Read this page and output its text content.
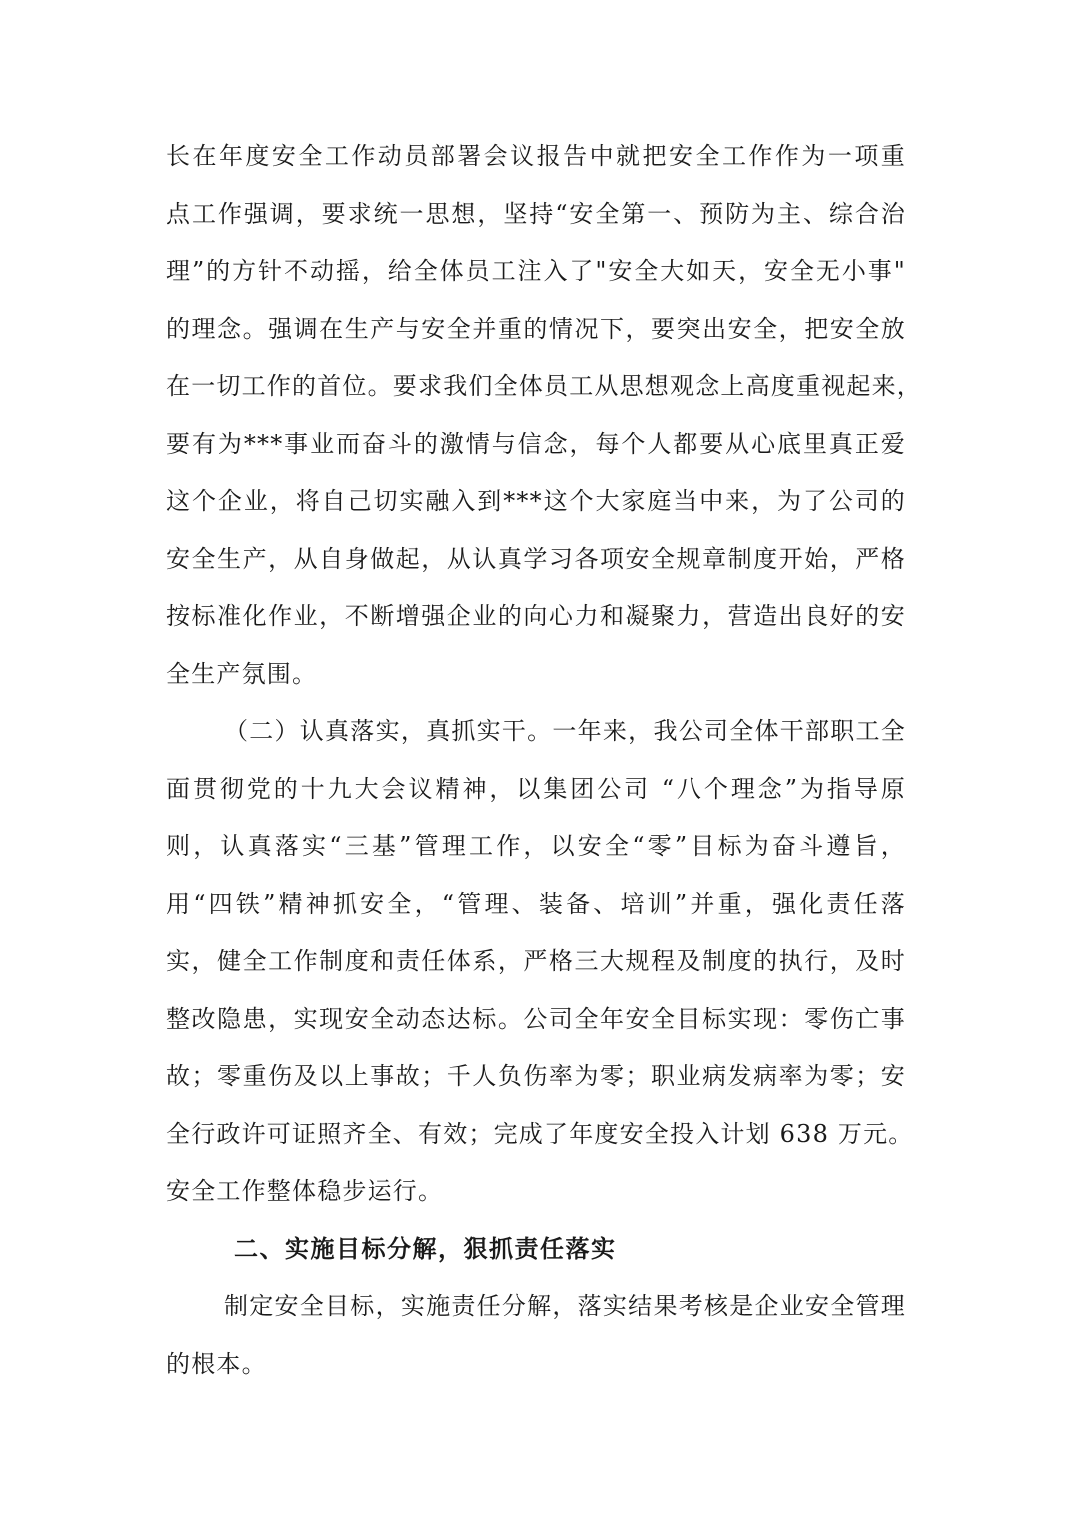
长在年度安全工作动员部署会议报告中就把安全工作作为一项重
点工作强调，要求统一思想，坚持“安全第一、预防为主、综合治
理”的方针不动摇，给全体员工注入了"安全大如天，安全无小事"
的理念。强调在生产与安全并重的情况下，要突出安全，把安全放
在一切工作的首位。要求我们全体员工从思想观念上高度重视起来，
要有为***事业而奋斗的激情与信念，每个人都要从心底里真正爱
这个企业，将自己切实融入到***这个大家庭当中来，为了公司的
安全生产，从自身做起，从认真学习各项安全规章制度开始，严格
按标准化作业，不断增强企业的向心力和凝聚力，营造出良好的安
全生产氛围。
（二）认真落实，真抓实干。一年来，我公司全体干部职工全
面贯彻党的十九大会议精神，以集团公司 “八个理念”为指导原
则，认真落实“三基”管理工作，以安全“零”目标为奋斗遵旨，
用“四铁”精神抓安全，“管理、装备、培训”并重，强化责任落
实，健全工作制度和责任体系，严格三大规程及制度的执行，及时
整改隐患，实现安全动态达标。公司全年安全目标实现：零伤亡事
故；零重伤及以上事故；千人负伤率为零；职业病发病率为零；安
全行政许可证照齐全、有效；完成了年度安全投入计划 638 万元。
安全工作整体稳步运行。
二、实施目标分解，狠抓责任落实
制定安全目标，实施责任分解，落实结果考核是企业安全管理
的根本。
